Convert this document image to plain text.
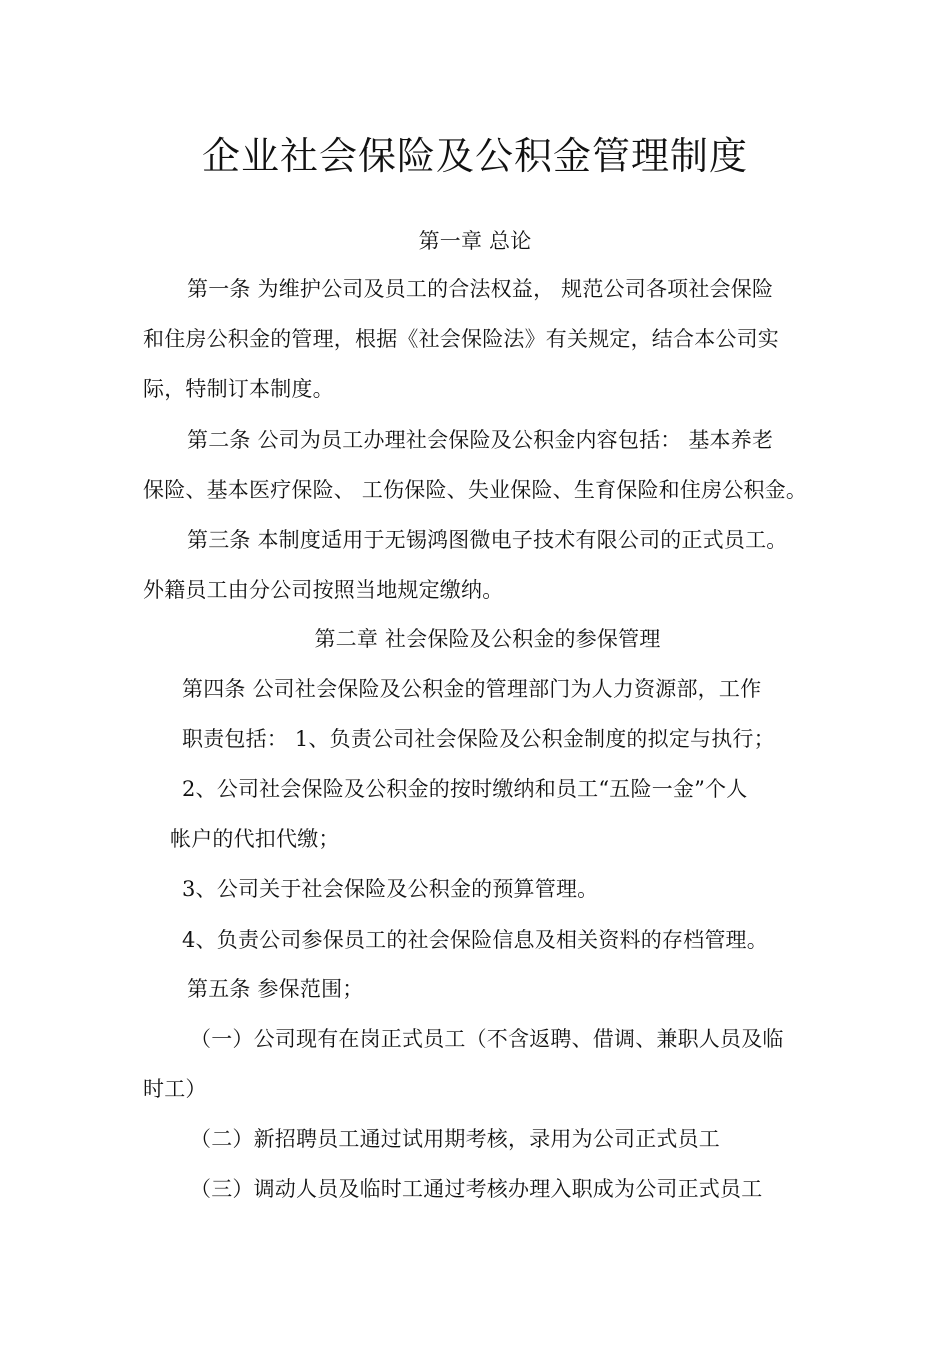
企业社会保险及公积金管理制度
第一章 总论
第一条 为维护公司及员工的合法权益， 规范公司各项社会保险
和住房公积金的管理，根据《社会保险法》有关规定，结合本公司实
际，特制订本制度。
第二条 公司为员工办理社会保险及公积金内容包括： 基本养老
保险、基本医疗保险、 工伤保险、失业保险、生育保险和住房公积金。
第三条 本制度适用于无锡鸿图微电子技术有限公司的正式员工。
外籍员工由分公司按照当地规定缴纳。
第二章 社会保险及公积金的参保管理
第四条 公司社会保险及公积金的管理部门为人力资源部，工作
职责包括： 1、负责公司社会保险及公积金制度的拟定与执行；
2、公司社会保险及公积金的按时缴纳和员工“五险一金”个人
帐户的代扣代缴；
3、公司关于社会保险及公积金的预算管理。
4、负责公司参保员工的社会保险信息及相关资料的存档管理。
第五条 参保范围；
（一）公司现有在岗正式员工（不含返聘、借调、兼职人员及临
时工）
（二）新招聘员工通过试用期考核，录用为公司正式员工
（三）调动人员及临时工通过考核办理入职成为公司正式员工
